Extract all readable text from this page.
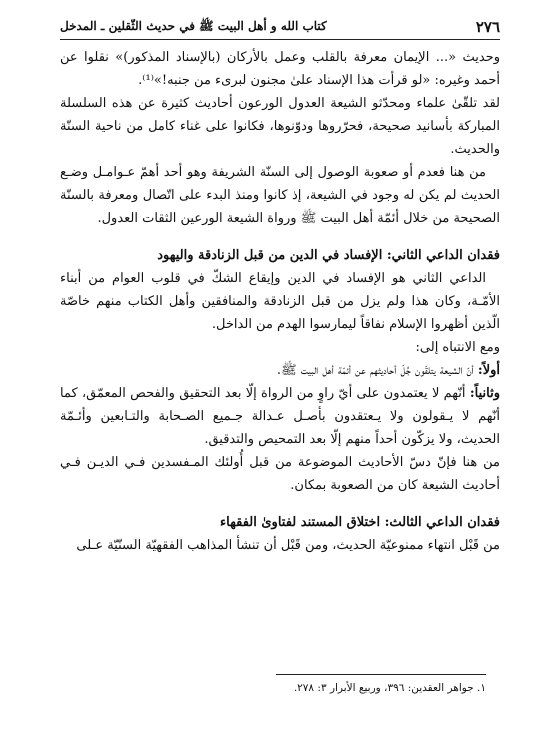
٢٧٦
كتاب الله و أهل البيت ﷺ في حديث الثّقلين ـ المدخل

وحديث «... الإيمان معرفة بالقلب وعمل بالأركان (بالإسناد المذكور)» نقلوا عن أحمد وغيره: «لو قرأت هذا الإسناد علىٰ مجنون لبرىء من جنبه!»⁽¹⁾.

لقد تلقّىٰ علماء ومحدّثو الشيعة العدول الورعون أحاديث كثيرة عن هذه السلسلة المباركة بأسانيد صحيحة، فحرّروها ودوّنوها، فكانوا على غناء كامل من ناحية السنّة والحديث.

من هنا فعدم أو صعوبة الوصول إلى السنّة الشريفة وهو أحد أهمّ عـوامـل وضـع الحديث لم يكن له وجود في الشيعة، إذ كانوا ومنذ البدء على اتّصال ومعرفة بالسنّة الصحيحة من خلال أئمّة أهل البيت ﷺ ورواة الشيعة الورعين الثقات العدول.

فقدان الداعي الثاني: الإفساد في الدين من قبل الزنادقة واليهود

الداعي الثاني هو الإفساد في الدين وإيقاع الشكّ في قلوب العوام من أبناء الأمّـة، وكان هذا ولم يزل من قبل الزنادقة والمنافقين وأهل الكتاب منهم خاصّة الّذين أظهروا الإسلام نفاقاً ليمارسوا الهدم من الداخل.

ومع الانتباه إلى:

أولاً: أنّ الشيعة يتلقّون جُلّ أحاديثهم عن أئمّة أهل البيت ﷺ.

وثانياً: أنّهم لا يعتمدون على أيّ راوٍ من الرواة إلّا بعد التحقيق والفحص المعمّق، كما أنّهم لا يـقولون ولا يـعتقدون بأصـل عـدالة جـميع الصـحابة والتـابعين وأئـمّة الحديث، ولا يزكّون أحداً منهم إلّا بعد التمحيص والتدقيق.

من هنا فإنّ دسّ الأحاديث الموضوعة من قبل أُولئك المـفسدين فـي الديـن فـي أحاديث الشيعة كان من الصعوبة بمكان.

فقدان الداعي الثالث: اختلاق المستند لفتاوىٰ الفقهاء

من قَبْل انتهاء ممنوعيّة الحديث، ومن قَبْل أن تنشأ المذاهب الفقهيّة السنّيّة عـلى

١. جواهر العقدين: ٣٩٦، وربيع الأبرار ٣: ٢٧٨.
